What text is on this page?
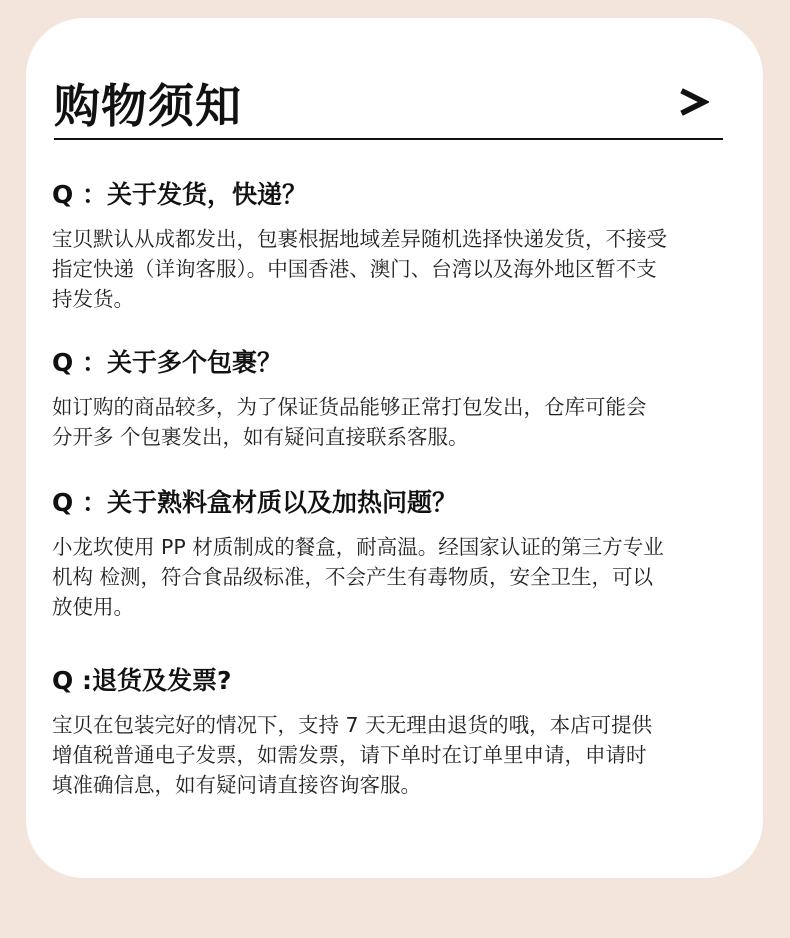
购物须知
Q ：关于发货，快递？
宝贝默认从成都发出，包裹根据地域差异随机选择快递发货，不接受
指定快递（详询客服）。中国香港、澳门、台湾以及海外地区暂不支
持发货。
Q ：关于多个包裹？
如订购的商品较多，为了保证货品能够正常打包发出，仓库可能会
分开多 个包裹发出，如有疑问直接联系客服。
Q ：关于熟料盒材质以及加热问题？
小龙坎使用 PP 材质制成的餐盒，耐高温。经国家认证的第三方专业
机构 检测，符合食品级标准，不会产生有毒物质，安全卫生，可以
放使用。
Q :退货及发票?
宝贝在包装完好的情况下，支持 7 天无理由退货的哦，本店可提供
增值税普通电子发票，如需发票，请下单时在订单里申请，申请时
填准确信息，如有疑问请直接咨询客服。
